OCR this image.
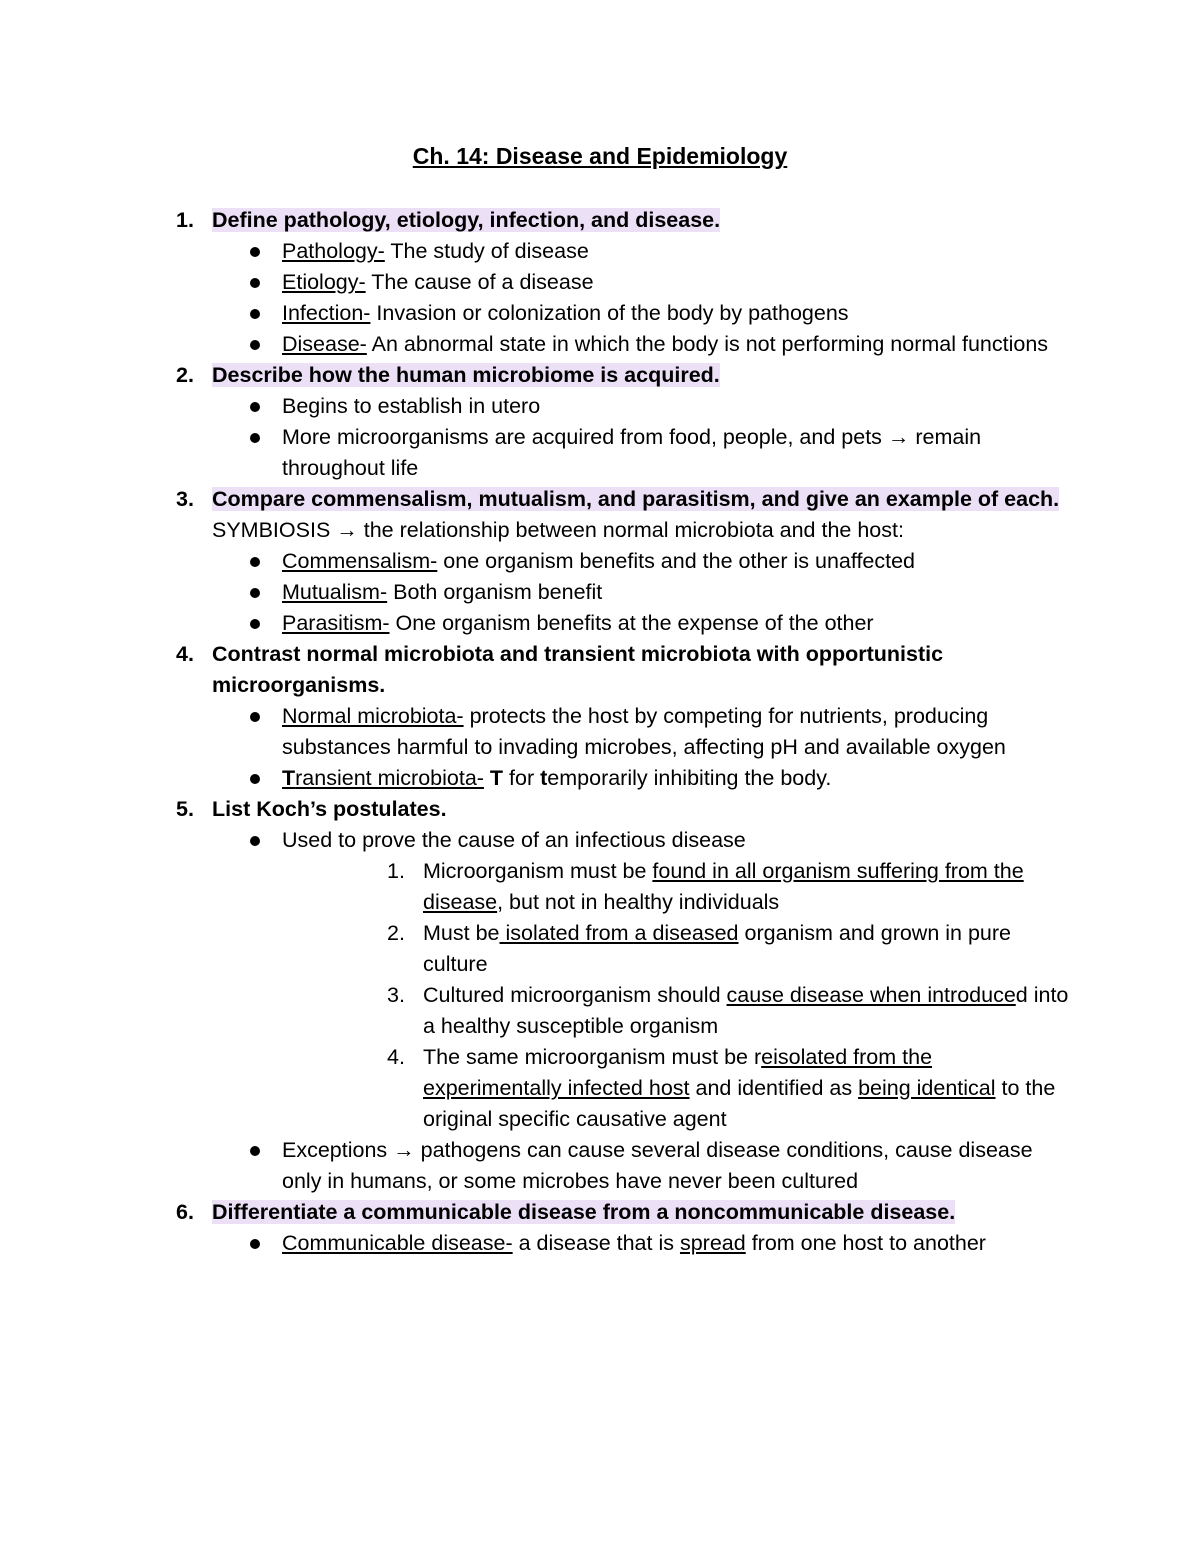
Ch. 14: Disease and Epidemiology
1. Define pathology, etiology, infection, and disease.
Pathology- The study of disease
Etiology- The cause of a disease
Infection- Invasion or colonization of the body by pathogens
Disease- An abnormal state in which the body is not performing normal functions
2. Describe how the human microbiome is acquired.
Begins to establish in utero
More microorganisms are acquired from food, people, and pets → remain throughout life
3. Compare commensalism, mutualism, and parasitism, and give an example of each.
SYMBIOSIS → the relationship between normal microbiota and the host:
Commensalism- one organism benefits and the other is unaffected
Mutualism- Both organism benefit
Parasitism- One organism benefits at the expense of the other
4. Contrast normal microbiota and transient microbiota with opportunistic microorganisms.
Normal microbiota- protects the host by competing for nutrients, producing substances harmful to invading microbes, affecting pH and available oxygen
Transient microbiota- T for temporarily inhibiting the body.
5. List Koch’s postulates.
Used to prove the cause of an infectious disease
1. Microorganism must be found in all organism suffering from the disease, but not in healthy individuals
2. Must be isolated from a diseased organism and grown in pure culture
3. Cultured microorganism should cause disease when introduced into a healthy susceptible organism
4. The same microorganism must be reisolated from the experimentally infected host and identified as being identical to the original specific causative agent
Exceptions → pathogens can cause several disease conditions, cause disease only in humans, or some microbes have never been cultured
6. Differentiate a communicable disease from a noncommunicable disease.
Communicable disease- a disease that is spread from one host to another
